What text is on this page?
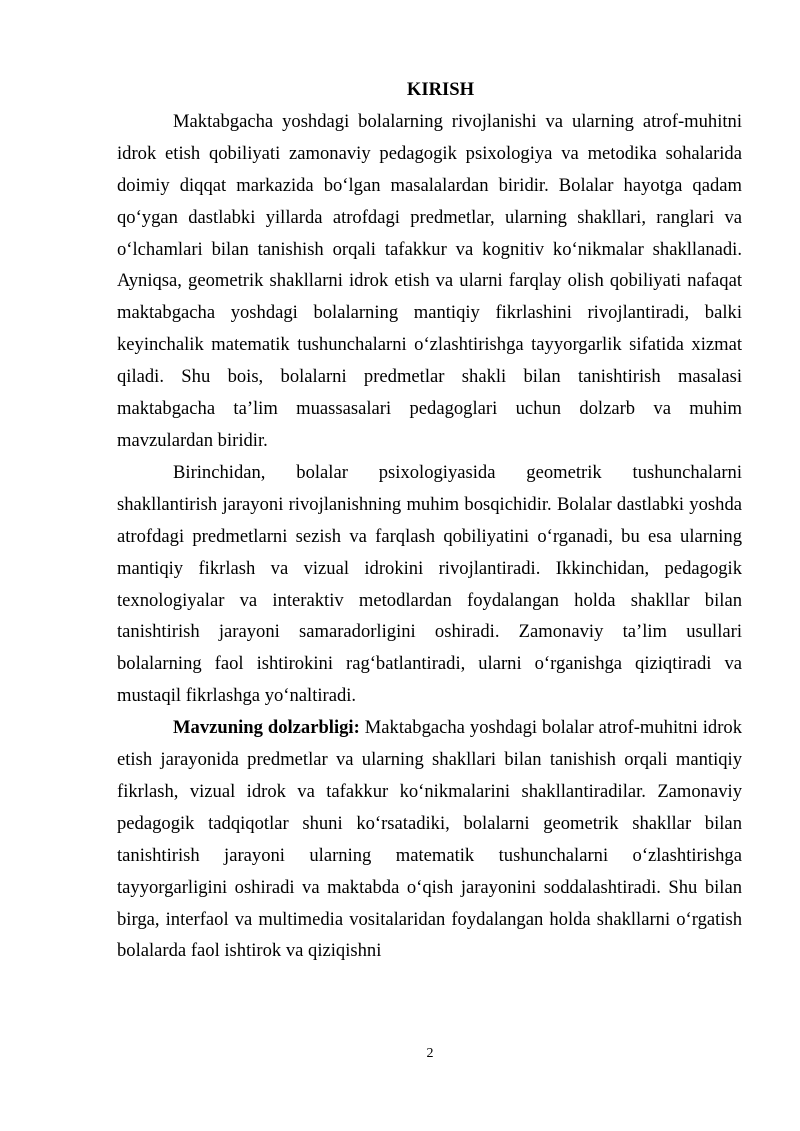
KIRISH

Maktabgacha yoshdagi bolalarning rivojlanishi va ularning atrof-muhitni idrok etish qobiliyati zamonaviy pedagogik psixologiya va metodika sohalarida doimiy diqqat markazida boʻlgan masalalardan biridir. Bolalar hayotga qadam qoʻygan dastlabki yillarda atrofdagi predmetlar, ularning shakllari, ranglari va oʻlchamlari bilan tanishish orqali tafakkur va kognitiv koʻnikmalar shakllanadi. Ayniqsa, geometrik shakllarni idrok etish va ularni farqlay olish qobiliyati nafaqat maktabgacha yoshdagi bolalarning mantiqiy fikrlashini rivojlantiradi, balki keyinchalik matematik tushunchalarni oʻzlashtirishga tayyorgarlik sifatida xizmat qiladi. Shu bois, bolalarni predmetlar shakli bilan tanishtirish masalasi maktabgacha taʼlim muassasalari pedagoglari uchun dolzarb va muhim mavzulardan biridir.

Birinchidan, bolalar psixologiyasida geometrik tushunchalarni shakllantirish jarayoni rivojlanishning muhim bosqichidir. Bolalar dastlabki yoshda atrofdagi predmetlarni sezish va farqlash qobiliyatini oʻrganadi, bu esa ularning mantiqiy fikrlash va vizual idrokini rivojlantiradi. Ikkinchidan, pedagogik texnologiyalar va interaktiv metodlardan foydalangan holda shakllar bilan tanishtirish jarayoni samaradorligini oshiradi. Zamonaviy taʼlim usullari bolalarning faol ishtirokini ragʻbatlantiradi, ularni oʻrganishga qiziqtiradi va mustaqil fikrlashga yoʻnaltiradi.

Mavzuning dolzarbligi: Maktabgacha yoshdagi bolalar atrof-muhitni idrok etish jarayonida predmetlar va ularning shakllari bilan tanishish orqali mantiqiy fikrlash, vizual idrok va tafakkur koʻnikmalarini shakllantiradilar. Zamonaviy pedagogik tadqiqotlar shuni koʻrsatadiki, bolalarni geometrik shakllar bilan tanishtirish jarayoni ularning matematik tushunchalarni oʻzlashtirishga tayyorgarligini oshiradi va maktabda oʻqish jarayonini soddalashtiradi. Shu bilan birga, interfaol va multimedia vositalaridan foydalangan holda shakllarni oʻrgatish bolalarda faol ishtirok va qiziqishni

2
